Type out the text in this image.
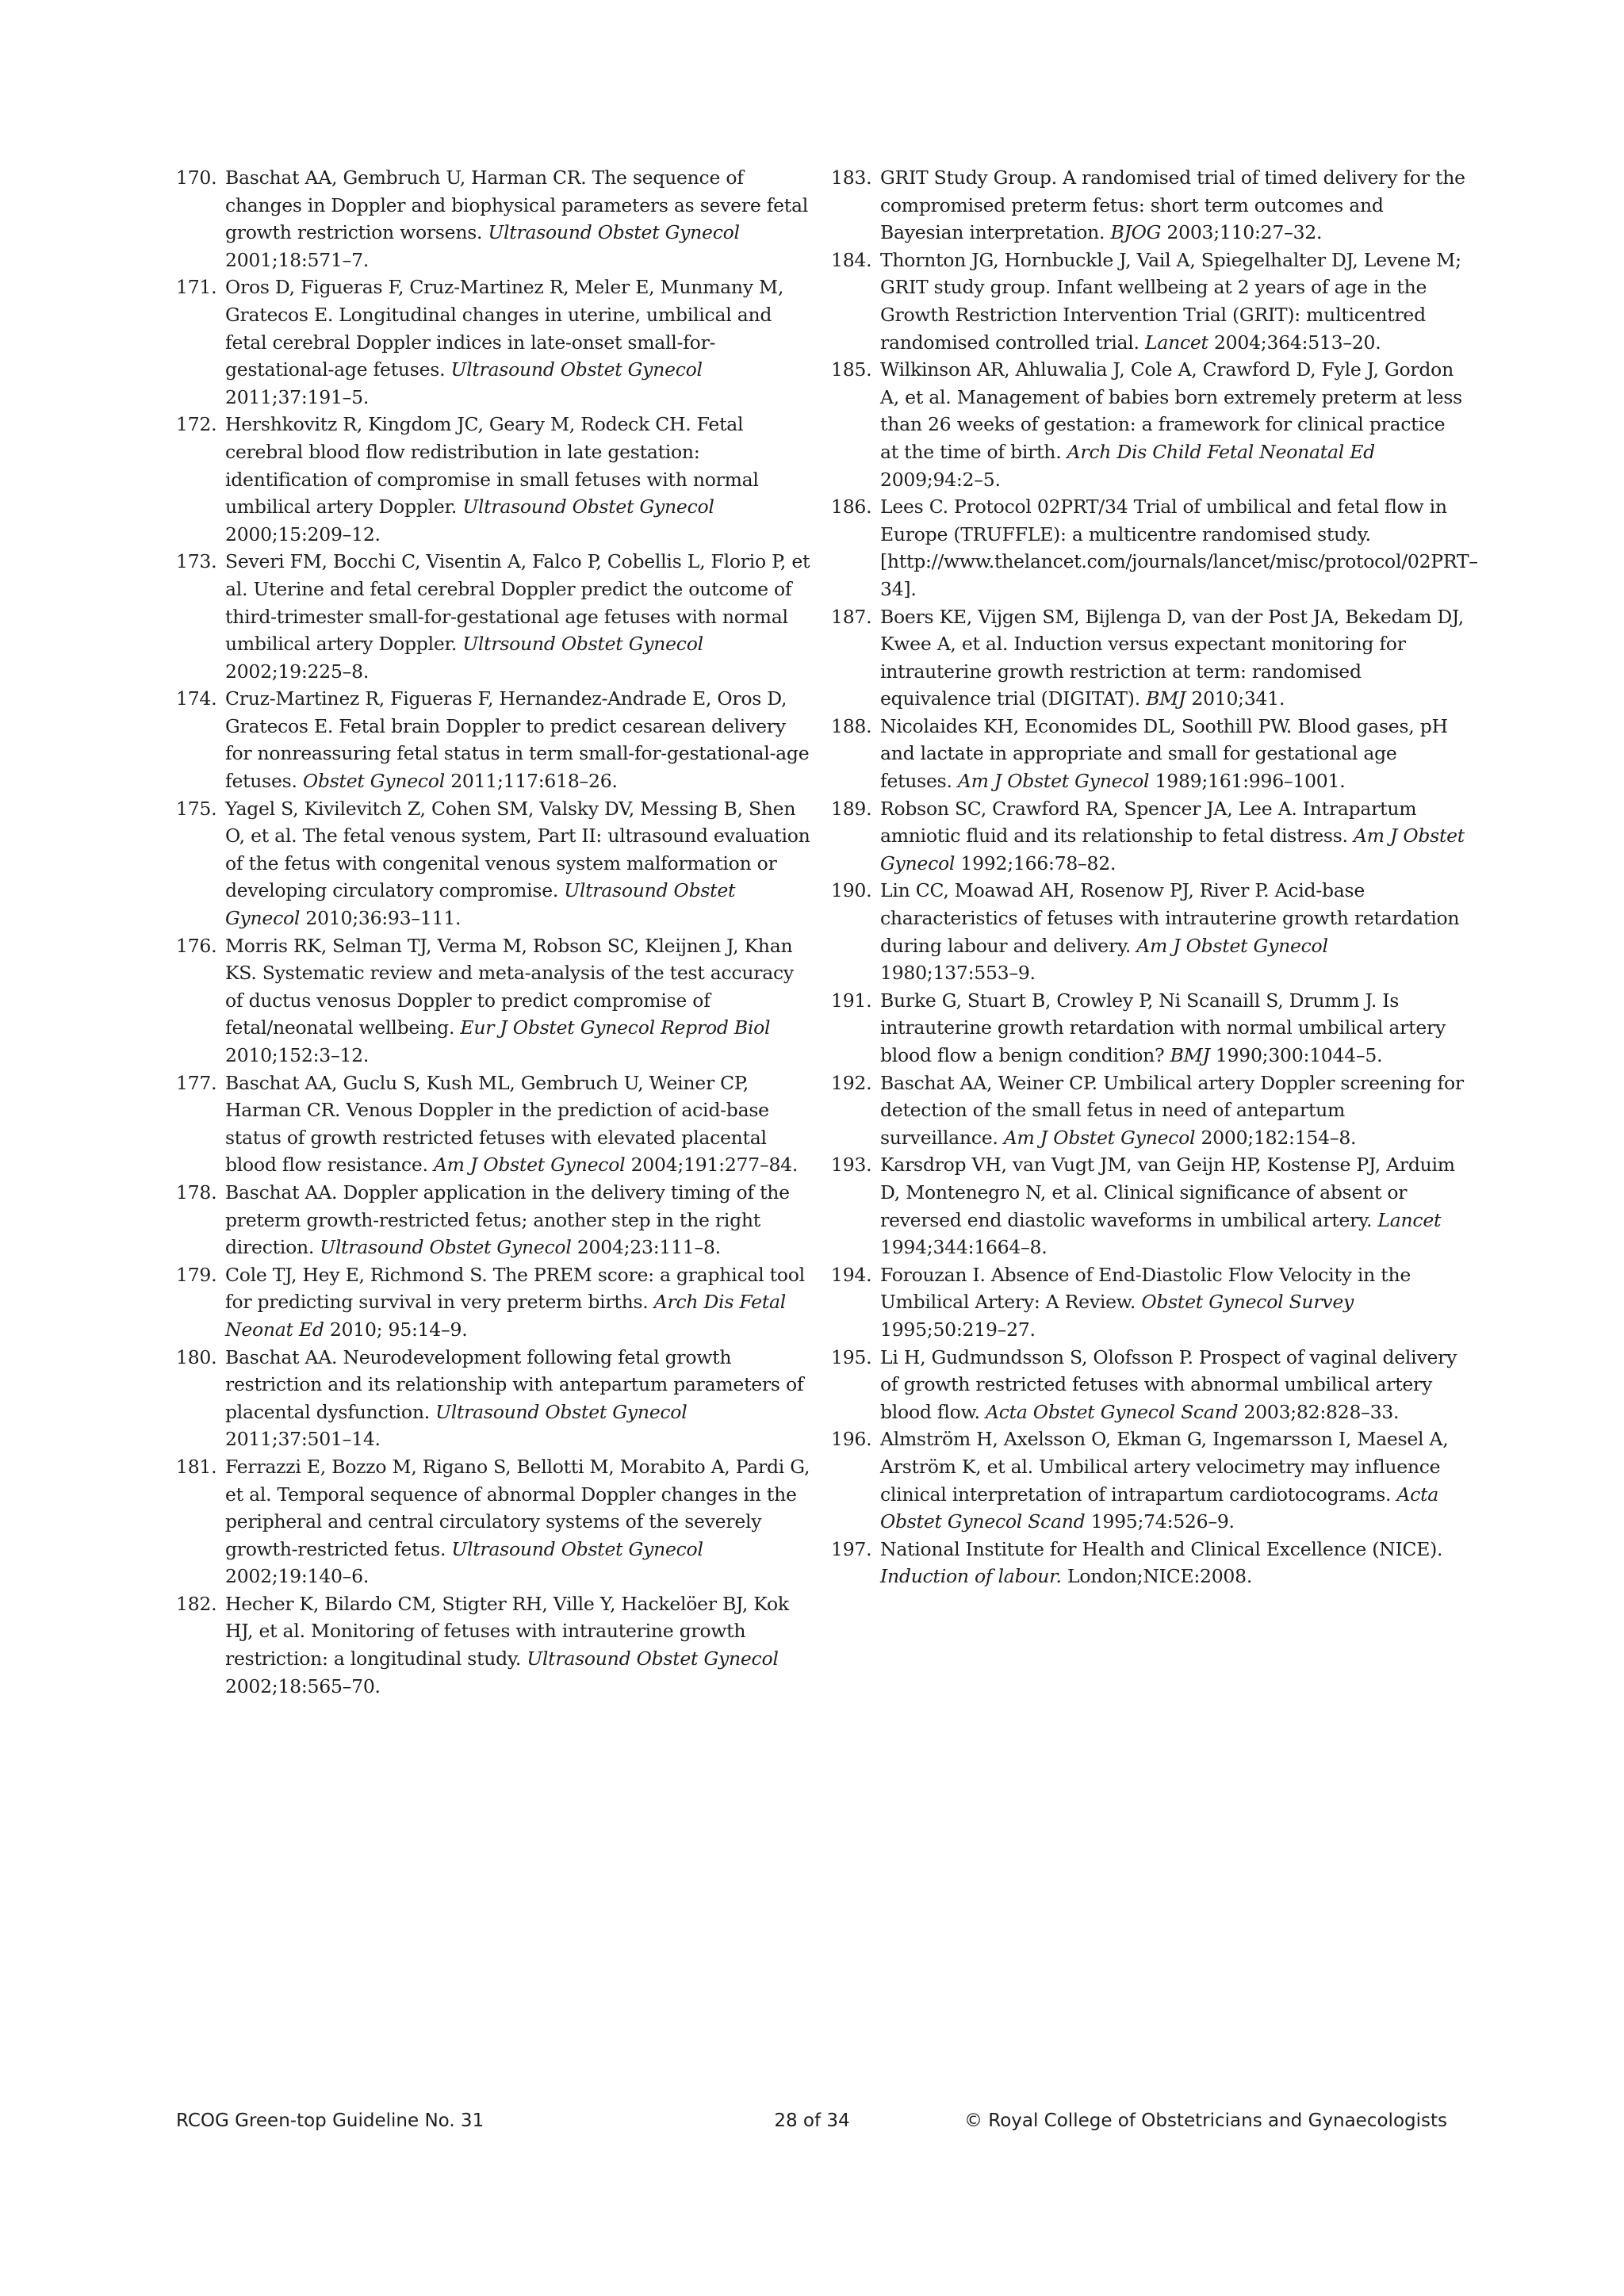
170. Baschat AA, Gembruch U, Harman CR. The sequence of changes in Doppler and biophysical parameters as severe fetal growth restriction worsens. Ultrasound Obstet Gynecol 2001;18:571–7.
171. Oros D, Figueras F, Cruz-Martinez R, Meler E, Munmany M, Gratecos E. Longitudinal changes in uterine, umbilical and fetal cerebral Doppler indices in late-onset small-for-gestational-age fetuses. Ultrasound Obstet Gynecol 2011;37:191–5.
172. Hershkovitz R, Kingdom JC, Geary M, Rodeck CH. Fetal cerebral blood flow redistribution in late gestation: identification of compromise in small fetuses with normal umbilical artery Doppler. Ultrasound Obstet Gynecol 2000;15:209–12.
173. Severi FM, Bocchi C, Visentin A, Falco P, Cobellis L, Florio P, et al. Uterine and fetal cerebral Doppler predict the outcome of third-trimester small-for-gestational age fetuses with normal umbilical artery Doppler. Ultrsound Obstet Gynecol 2002;19:225–8.
174. Cruz-Martinez R, Figueras F, Hernandez-Andrade E, Oros D, Gratecos E. Fetal brain Doppler to predict cesarean delivery for nonreassuring fetal status in term small-for-gestational-age fetuses. Obstet Gynecol 2011;117:618–26.
175. Yagel S, Kivilevitch Z, Cohen SM, Valsky DV, Messing B, Shen O, et al. The fetal venous system, Part II: ultrasound evaluation of the fetus with congenital venous system malformation or developing circulatory compromise. Ultrasound Obstet Gynecol 2010;36:93–111.
176. Morris RK, Selman TJ, Verma M, Robson SC, Kleijnen J, Khan KS. Systematic review and meta-analysis of the test accuracy of ductus venosus Doppler to predict compromise of fetal/neonatal wellbeing. Eur J Obstet Gynecol Reprod Biol 2010;152:3–12.
177. Baschat AA, Guclu S, Kush ML, Gembruch U, Weiner CP, Harman CR. Venous Doppler in the prediction of acid-base status of growth restricted fetuses with elevated placental blood flow resistance. Am J Obstet Gynecol 2004;191:277–84.
178. Baschat AA. Doppler application in the delivery timing of the preterm growth-restricted fetus; another step in the right direction. Ultrasound Obstet Gynecol 2004;23:111–8.
179. Cole TJ, Hey E, Richmond S. The PREM score: a graphical tool for predicting survival in very preterm births. Arch Dis Fetal Neonat Ed 2010; 95:14–9.
180. Baschat AA. Neurodevelopment following fetal growth restriction and its relationship with antepartum parameters of placental dysfunction. Ultrasound Obstet Gynecol 2011;37:501–14.
181. Ferrazzi E, Bozzo M, Rigano S, Bellotti M, Morabito A, Pardi G, et al. Temporal sequence of abnormal Doppler changes in the peripheral and central circulatory systems of the severely growth-restricted fetus. Ultrasound Obstet Gynecol 2002;19:140–6.
182. Hecher K, Bilardo CM, Stigter RH, Ville Y, Hackelöer BJ, Kok HJ, et al. Monitoring of fetuses with intrauterine growth restriction: a longitudinal study. Ultrasound Obstet Gynecol 2002;18:565–70.
183. GRIT Study Group. A randomised trial of timed delivery for the compromised preterm fetus: short term outcomes and Bayesian interpretation. BJOG 2003;110:27–32.
184. Thornton JG, Hornbuckle J, Vail A, Spiegelhalter DJ, Levene M; GRIT study group. Infant wellbeing at 2 years of age in the Growth Restriction Intervention Trial (GRIT): multicentred randomised controlled trial. Lancet 2004;364:513–20.
185. Wilkinson AR, Ahluwalia J, Cole A, Crawford D, Fyle J, Gordon A, et al. Management of babies born extremely preterm at less than 26 weeks of gestation: a framework for clinical practice at the time of birth. Arch Dis Child Fetal Neonatal Ed 2009;94:2–5.
186. Lees C. Protocol 02PRT/34 Trial of umbilical and fetal flow in Europe (TRUFFLE): a multicentre randomised study. [http://www.thelancet.com/journals/lancet/misc/protocol/02PRT–34].
187. Boers KE, Vijgen SM, Bijlenga D, van der Post JA, Bekedam DJ, Kwee A, et al. Induction versus expectant monitoring for intrauterine growth restriction at term: randomised equivalence trial (DIGITAT). BMJ 2010;341.
188. Nicolaides KH, Economides DL, Soothill PW. Blood gases, pH and lactate in appropriate and small for gestational age fetuses. Am J Obstet Gynecol 1989;161:996–1001.
189. Robson SC, Crawford RA, Spencer JA, Lee A. Intrapartum amniotic fluid and its relationship to fetal distress. Am J Obstet Gynecol 1992;166:78–82.
190. Lin CC, Moawad AH, Rosenow PJ, River P. Acid-base characteristics of fetuses with intrauterine growth retardation during labour and delivery. Am J Obstet Gynecol 1980;137:553–9.
191. Burke G, Stuart B, Crowley P, Ni Scanaill S, Drumm J. Is intrauterine growth retardation with normal umbilical artery blood flow a benign condition? BMJ 1990;300:1044–5.
192. Baschat AA, Weiner CP. Umbilical artery Doppler screening for detection of the small fetus in need of antepartum surveillance. Am J Obstet Gynecol 2000;182:154–8.
193. Karsdrop VH, van Vugt JM, van Geijn HP, Kostense PJ, Arduim D, Montenegro N, et al. Clinical significance of absent or reversed end diastolic waveforms in umbilical artery. Lancet 1994;344:1664–8.
194. Forouzan I. Absence of End-Diastolic Flow Velocity in the Umbilical Artery: A Review. Obstet Gynecol Survey 1995;50:219–27.
195. Li H, Gudmundsson S, Olofsson P. Prospect of vaginal delivery of growth restricted fetuses with abnormal umbilical artery blood flow. Acta Obstet Gynecol Scand 2003;82:828–33.
196. Almström H, Axelsson O, Ekman G, Ingemarsson I, Maesel A, Arström K, et al. Umbilical artery velocimetry may influence clinical interpretation of intrapartum cardiotocograms. Acta Obstet Gynecol Scand 1995;74:526–9.
197. National Institute for Health and Clinical Excellence (NICE). Induction of labour. London;NICE:2008.
RCOG Green-top Guideline No. 31	28 of 34	© Royal College of Obstetricians and Gynaecologists
